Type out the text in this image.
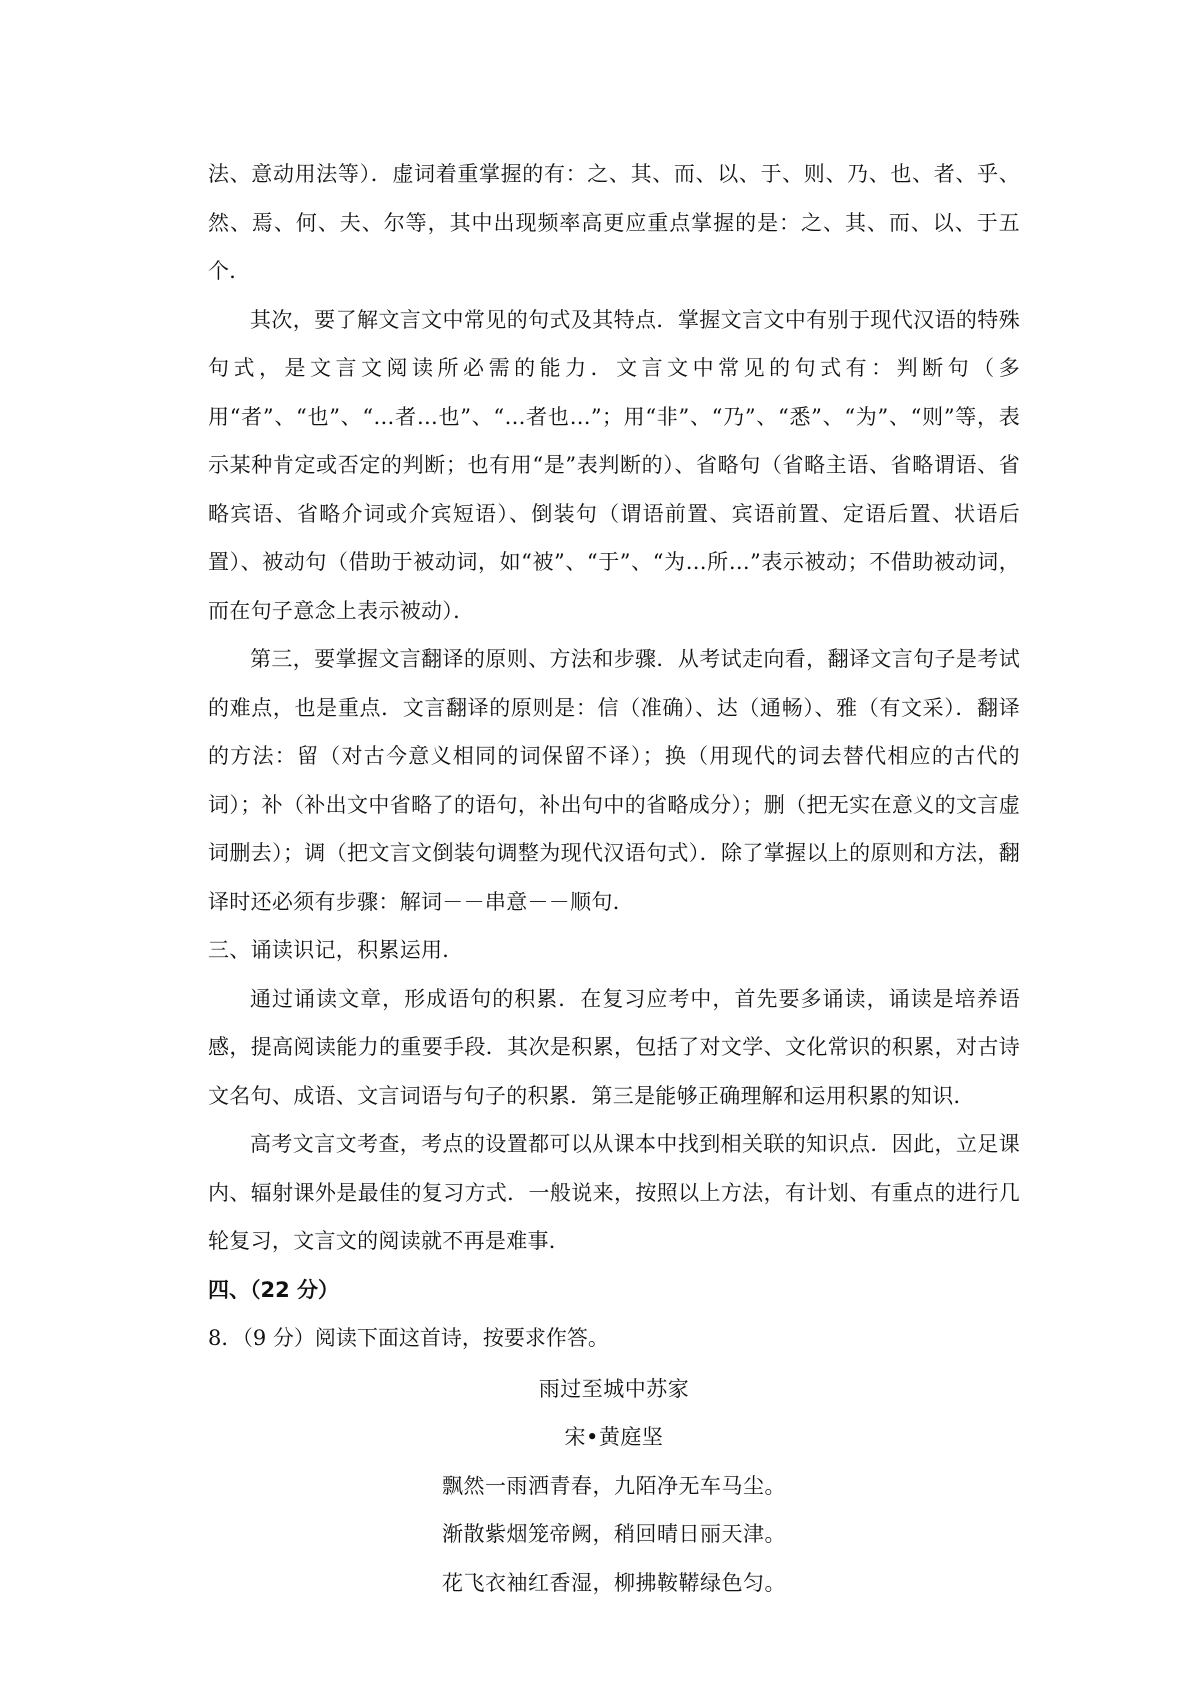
法、意动用法等）．虚词着重掌握的有：之、其、而、以、于、则、乃、也、者、乎、然、焉、何、夫、尔等，其中出现频率高更应重点掌握的是：之、其、而、以、于五个．

其次，要了解文言文中常见的句式及其特点．掌握文言文中有别于现代汉语的特殊句式，是文言文阅读所必需的能力．文言文中常见的句式有：判断句（多用“者”、“也”、“…者…也”、“…者也…”；用“非”、“乃”、“悉”、“为”、“则”等，表示某种肯定或否定的判断；也有用“是”表判断的）、省略句（省略主语、省略谓语、省略宾语、省略介词或介宾短语）、倒装句（谓语前置、宾语前置、定语后置、状语后置）、被动句（借助于被动词，如“被”、“于”、“为…所…”表示被动；不借助被动词，而在句子意念上表示被动）．

第三，要掌握文言翻译的原则、方法和步骤．从考试走向看，翻译文言句子是考试的难点，也是重点．文言翻译的原则是：信（准确）、达（通畅）、雅（有文采）．翻译的方法：留（对古今意义相同的词保留不译）；换（用现代的词去替代相应的古代的词）；补（补出文中省略了的语句，补出句中的省略成分）；删（把无实在意义的文言虚词删去）；调（把文言文倒装句调整为现代汉语句式）．除了掌握以上的原则和方法，翻译时还必须有步骤：解词－－串意－－顺句．

三、诵读识记，积累运用．

通过诵读文章，形成语句的积累．在复习应考中，首先要多诵读，诵读是培养语感，提高阅读能力的重要手段．其次是积累，包括了对文学、文化常识的积累，对古诗文名句、成语、文言词语与句子的积累．第三是能够正确理解和运用积累的知识．

高考文言文考查，考点的设置都可以从课本中找到相关联的知识点．因此，立足课内、辐射课外是最佳的复习方式．一般说来，按照以上方法，有计划、有重点的进行几轮复习，文言文的阅读就不再是难事．

四、（22 分）

8．（9 分）阅读下面这首诗，按要求作答。

雨过至城中苏家

宋•黄庭坚

飘然一雨洒青春，九陌净无车马尘。

渐散紫烟笼帝阙，稍回晴日丽天津。

花飞衣袖红香湿，柳拂鞍鞯绿色匀。
